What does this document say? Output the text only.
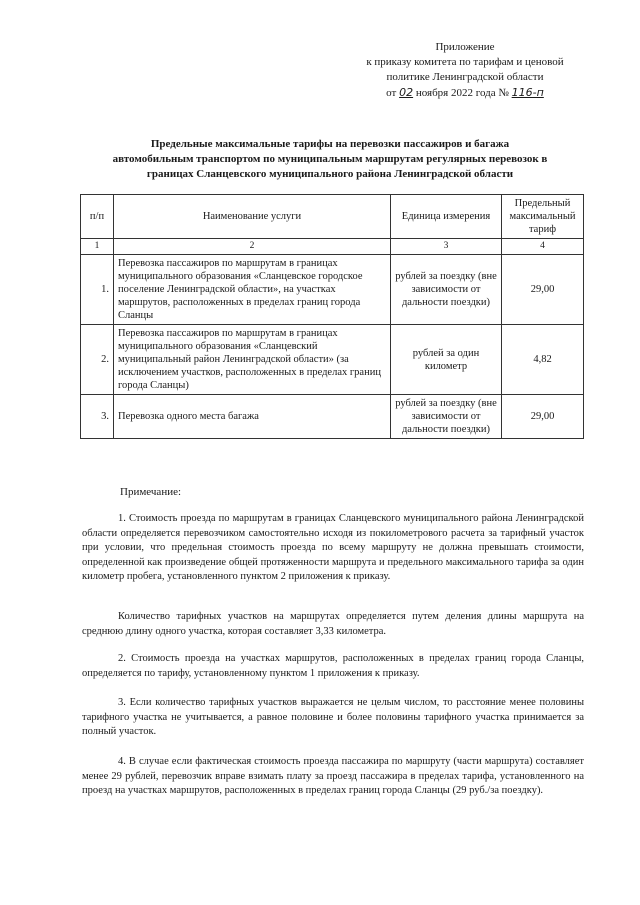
Приложение
к приказу комитета по тарифам и ценовой
политике Ленинградской области
от 02 ноября 2022 года № 116-п
Предельные максимальные тарифы на перевозки пассажиров и багажа
автомобильным транспортом по муниципальным маршрутам регулярных перевозок в
границах Сланцевского муниципального района Ленинградской области
п/п	Наименование услуги	Единица измерения	Предельный максимальный тариф
1	2	3	4
1.	Перевозка пассажиров по маршрутам в границах муниципального образования «Сланцевское городское поселение Ленинградской области», на участках маршрутов, расположенных в пределах границ города Сланцы	рублей за поездку (вне зависимости от дальности поездки)	29,00
2.	Перевозка пассажиров по маршрутам в границах муниципального образования «Сланцевский муниципальный район Ленинградской области» (за исключением участков, расположенных в пределах границ города Сланцы)	рублей за один километр	4,82
3.	Перевозка одного места багажа	рублей за поездку (вне зависимости от дальности поездки)	29,00
Примечание:

1. Стоимость проезда по маршрутам в границах Сланцевского муниципального района Ленинградской области определяется перевозчиком самостоятельно исходя из покилометрового расчета за тарифный участок при условии, что предельная стоимость проезда по всему маршруту не должна превышать стоимости, определенной как произведение общей протяженности маршрута и предельного максимального тарифа за один километр пробега, установленного пунктом 2 приложения к приказу.

Количество тарифных участков на маршрутах определяется путем деления длины маршрута на среднюю длину одного участка, которая составляет 3,33 километра.

2. Стоимость проезда на участках маршрутов, расположенных в пределах границ города Сланцы, определяется по тарифу, установленному пунктом 1 приложения к приказу.

3. Если количество тарифных участков выражается не целым числом, то расстояние менее половины тарифного участка не учитывается, а равное половине и более половины тарифного участка принимается за полный участок.

4. В случае если фактическая стоимость проезда пассажира по маршруту (части маршрута) составляет менее 29 рублей, перевозчик вправе взимать плату за проезд пассажира в пределах тарифа, установленного на проезд на участках маршрутов, расположенных в пределах границ города Сланцы (29 руб./за поездку).
